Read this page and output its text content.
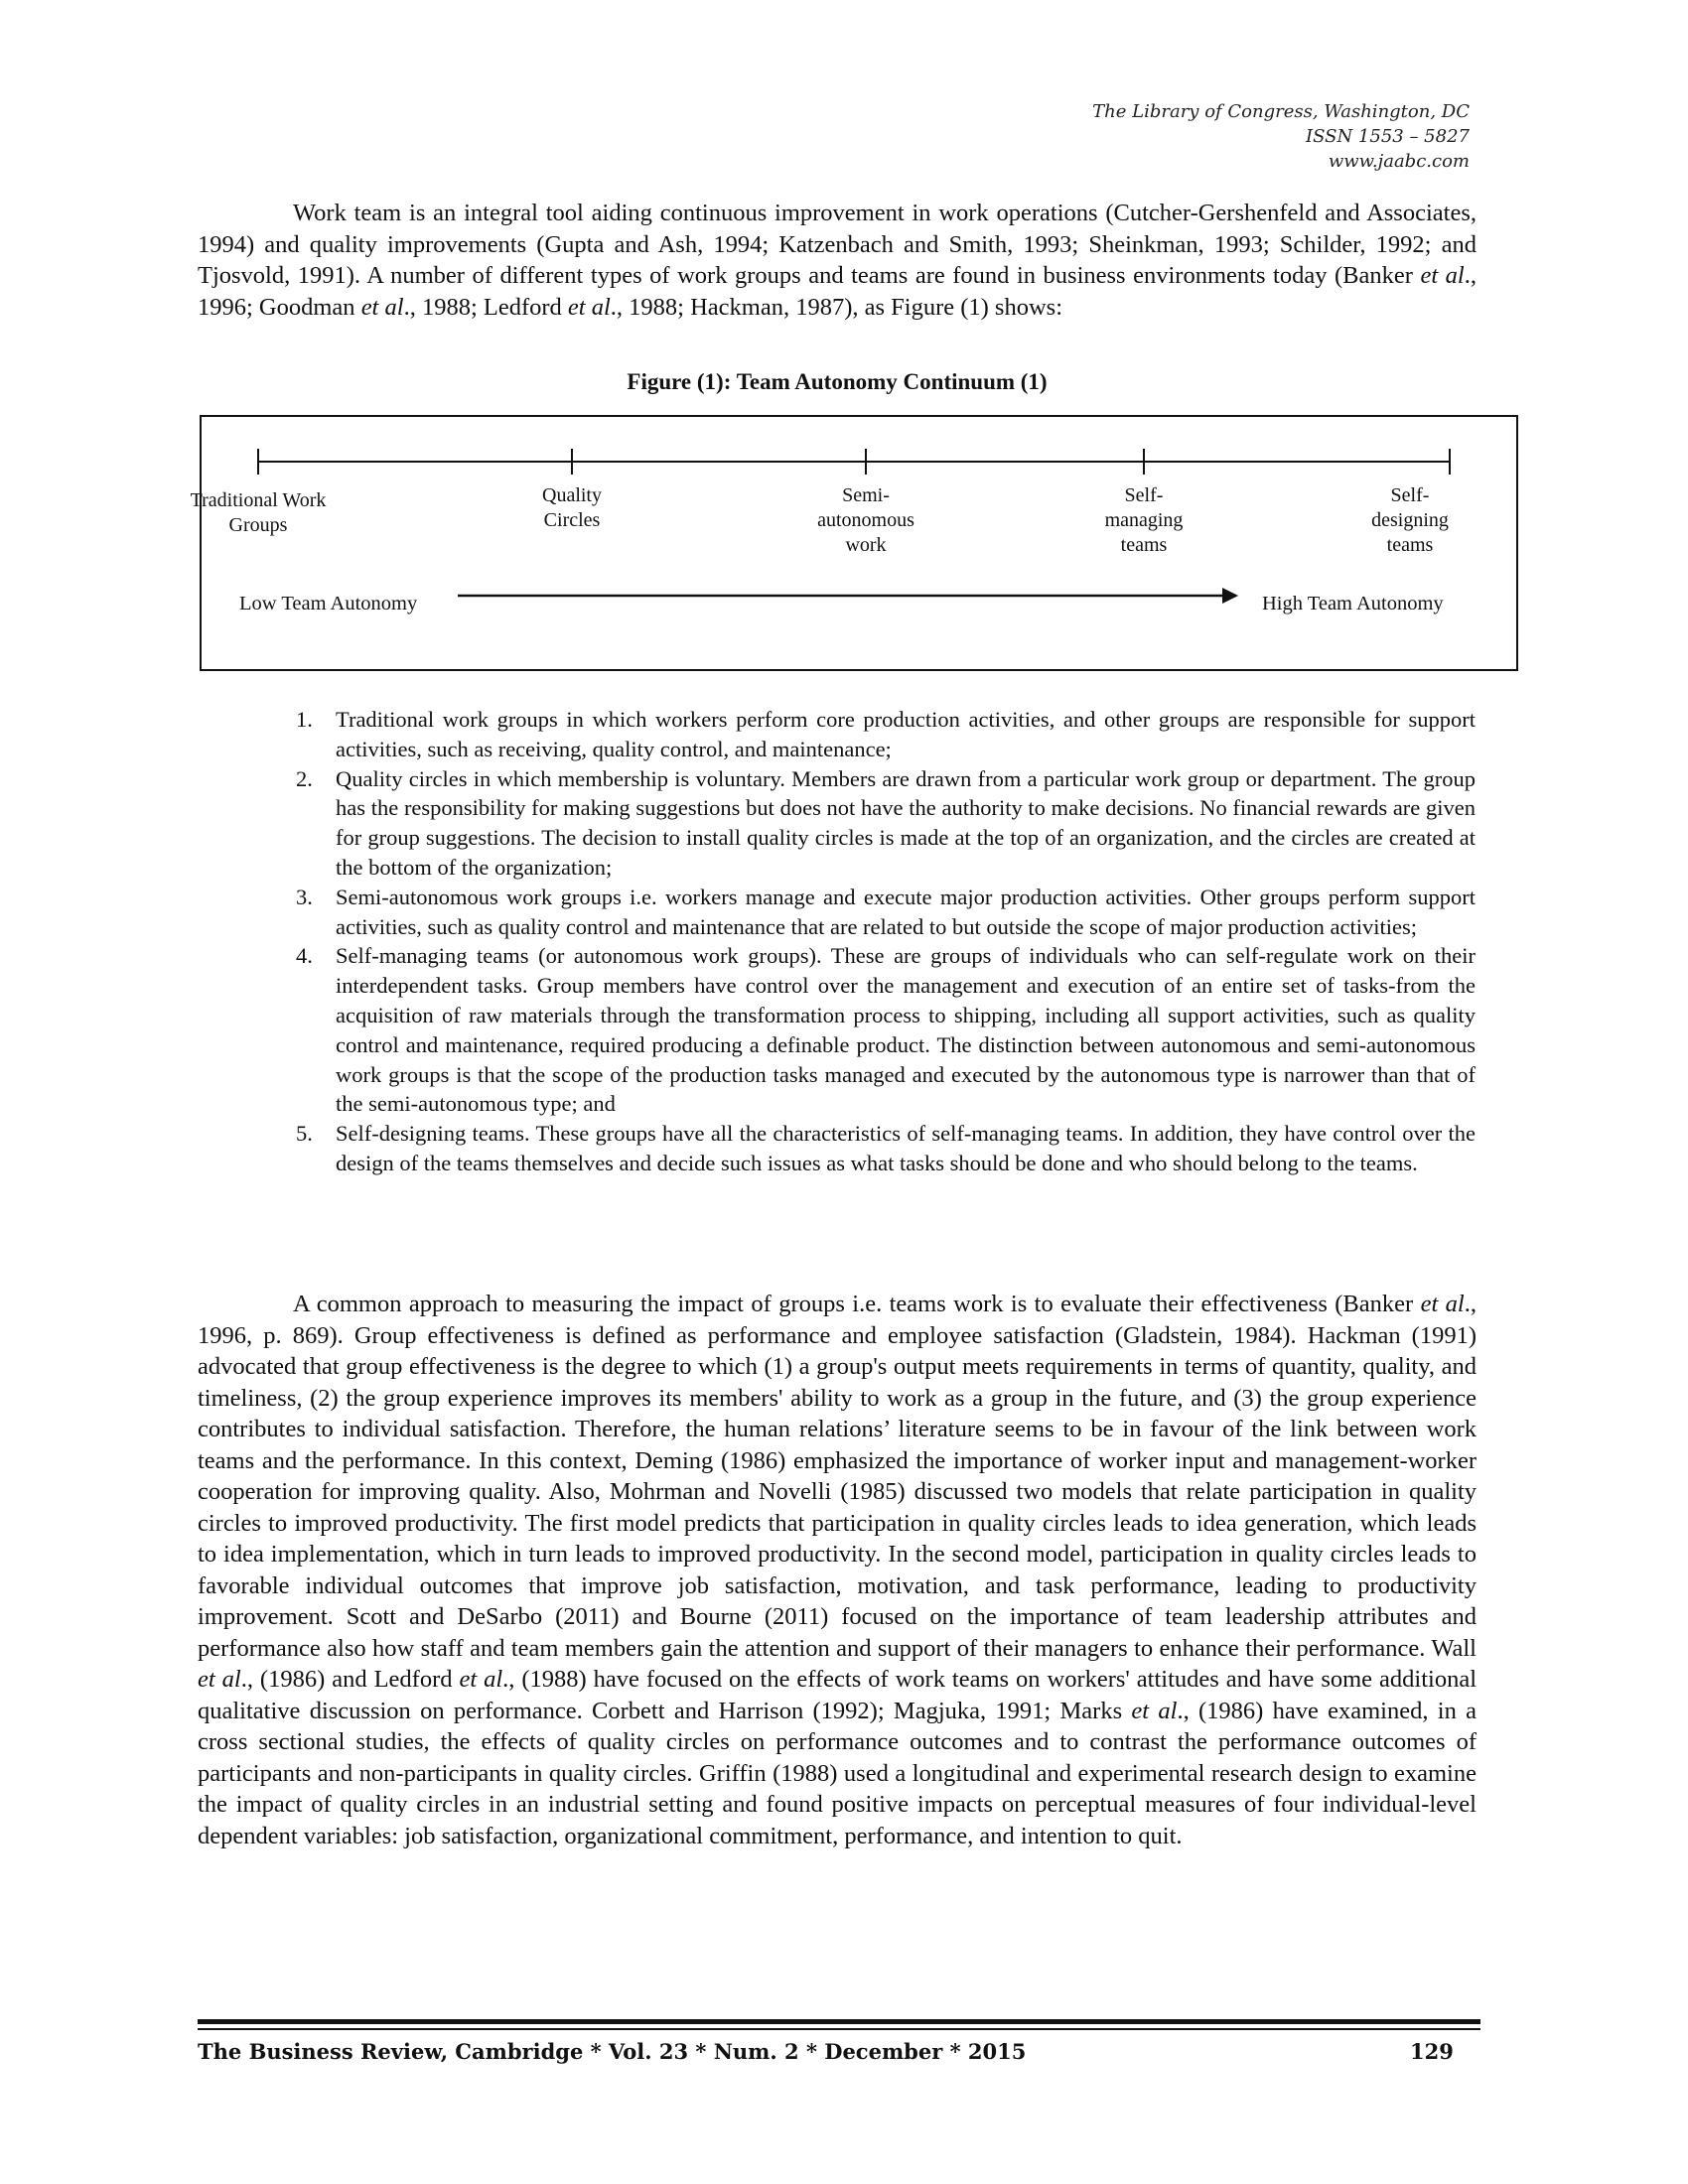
The Library of Congress, Washington, DC
ISSN 1553 – 5827
www.jaabc.com

Work team is an integral tool aiding continuous improvement in work operations (Cutcher-Gershenfeld and Associates, 1994) and quality improvements (Gupta and Ash, 1994; Katzenbach and Smith, 1993; Sheinkman, 1993; Schilder, 1992; and Tjosvold, 1991). A number of different types of work groups and teams are found in business environments today (Banker et al., 1996; Goodman et al., 1988; Ledford et al., 1988; Hackman, 1987), as Figure (1) shows:

Figure (1): Team Autonomy Continuum (1)
Traditional Work
Groups
Quality
Circles
Semi-
autonomous
work
Self-
managing
teams
Self-
designing
teams
Low Team Autonomy	High Team Autonomy
1. Traditional work groups in which workers perform core production activities, and other groups are responsible for support activities, such as receiving, quality control, and maintenance;
2. Quality circles in which membership is voluntary. Members are drawn from a particular work group or department. The group has the responsibility for making suggestions but does not have the authority to make decisions. No financial rewards are given for group suggestions. The decision to install quality circles is made at the top of an organization, and the circles are created at the bottom of the organization;
3. Semi-autonomous work groups i.e. workers manage and execute major production activities. Other groups perform support activities, such as quality control and maintenance that are related to but outside the scope of major production activities;
4. Self-managing teams (or autonomous work groups). These are groups of individuals who can self-regulate work on their interdependent tasks. Group members have control over the management and execution of an entire set of tasks-from the acquisition of raw materials through the transformation process to shipping, including all support activities, such as quality control and maintenance, required producing a definable product. The distinction between autonomous and semi-autonomous work groups is that the scope of the production tasks managed and executed by the autonomous type is narrower than that of the semi-autonomous type; and
5. Self-designing teams. These groups have all the characteristics of self-managing teams. In addition, they have control over the design of the teams themselves and decide such issues as what tasks should be done and who should belong to the teams.

A common approach to measuring the impact of groups i.e. teams work is to evaluate their effectiveness (Banker et al., 1996, p. 869). Group effectiveness is defined as performance and employee satisfaction (Gladstein, 1984). Hackman (1991) advocated that group effectiveness is the degree to which (1) a group's output meets requirements in terms of quantity, quality, and timeliness, (2) the group experience improves its members' ability to work as a group in the future, and (3) the group experience contributes to individual satisfaction. Therefore, the human relations’ literature seems to be in favour of the link between work teams and the performance. In this context, Deming (1986) emphasized the importance of worker input and management-worker cooperation for improving quality. Also, Mohrman and Novelli (1985) discussed two models that relate participation in quality circles to improved productivity. The first model predicts that participation in quality circles leads to idea generation, which leads to idea implementation, which in turn leads to improved productivity. In the second model, participation in quality circles leads to favorable individual outcomes that improve job satisfaction, motivation, and task performance, leading to productivity improvement. Scott and DeSarbo (2011) and Bourne (2011) focused on the importance of team leadership attributes and performance also how staff and team members gain the attention and support of their managers to enhance their performance. Wall et al., (1986) and Ledford et al., (1988) have focused on the effects of work teams on workers' attitudes and have some additional qualitative discussion on performance. Corbett and Harrison (1992); Magjuka, 1991; Marks et al., (1986) have examined, in a cross sectional studies, the effects of quality circles on performance outcomes and to contrast the performance outcomes of participants and non-participants in quality circles. Griffin (1988) used a longitudinal and experimental research design to examine the impact of quality circles in an industrial setting and found positive impacts on perceptual measures of four individual-level dependent variables: job satisfaction, organizational commitment, performance, and intention to quit.

The Business Review, Cambridge * Vol. 23 * Num. 2 * December * 2015	129
